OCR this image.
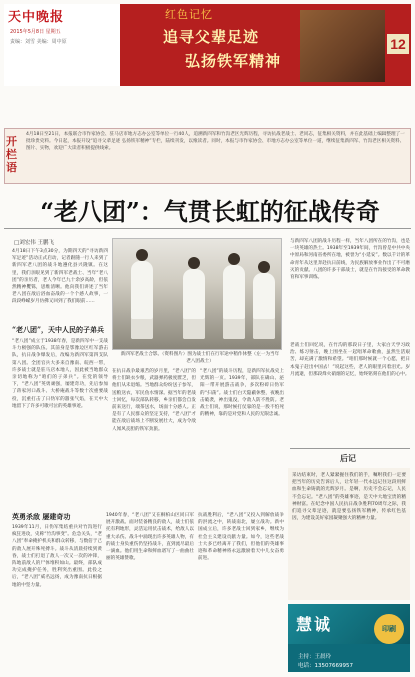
天中晚报
2015年5月8日 星期五
责编：刘雪 美编：周中原
红色记忆
追寻父辈足迹
弘扬铁军精神
12
开栏语
4月18日至21日，本报联合市作家协会、驻马店市地方志办公室等单位一行40人，追溯新四军和竹沟老区光辉历程，寻访抗战老战士、老同志，征集相关资料，并在此基础上编辑整理了一批珍贵史料。今日起，本报开设“追寻父辈足迹 弘扬铁军精神”专栏，陆续刊发，以飨读者。同时，本报与市作家协会、市地方志办公室等单位一道，继续征集新四军、竹沟老区相关资料、图片、实物，欢迎广大读者积极提供线索。
“老八团”：气贯长虹的征战传奇
□刘宏伟 王鹏飞
4月18日下午3点30分，为期四天的“寻访新四军足迹”活动正式启动，记者跟随一行人来到了新四军老八团的战斗地遵化县兴隆镇。在这里，我们亲眼见到了新四军老战士、当年“老八团”的亲历者，老人今年已九十余岁高龄，但依然精神矍铄，思维清晰。他向我们讲述了当年老八团在敌后浴血奋战的一个个感人故事，一段段峥嵘岁月仿佛又回到了我们眼前……
“老八团”，天中人民的子弟兵
“老八团”成立于1938年春，是新四军中一支战斗力极强的队伍。其前身是鄂豫边区红军游击队，抗日战争爆发后，改编为新四军第四支队第八团。全团官兵大多来自豫南、皖西一带，许多战士就是驻马店本地人，因此被当地群众亲切地称为“咱们的子弟兵”。在党的领导下，“老八团”英勇顽强，屡建奇功，先后参加了蒋家河口战斗、大桥庵战斗等数十次重要战役，沉重打击了日伪军的嚣张气焰，在天中大地留下了许多可歌可泣的英雄事迹。
新四军老战士合影。（资料图片）图为战士们在行军途中稍作休整（左一为当年老八团战士）
在抗日战争最艰苦的岁月里，“老八团”的将士们缺衣少粮，武器弹药极度匮乏，但他们从未退缩。当地群众纷纷送子参军，送粮送衣，军民鱼水情深。据当年的老战士回忆，每次部队转移，乡亲们都会自发前来送行，端茶送水，场面十分感人。正是有了人民群众的坚定支持，“老八团”才能在敌后战场上不断发展壮大，成为令敌人闻风丧胆的铁军劲旅。
“老八团”的战斗历程，是新四军抗战史上光辉的一页。1939年，部队在确山、泌阳一带开展游击战争，多次粉碎日伪军的“扫荡”。战士们白天隐蔽休整，夜晚出击破袭，神出鬼没，令敌人防不胜防。老战士们说，那时候打仗靠的是一股不怕死的精神，靠的是对党和人民的无限忠诚。
与新四军八团的战斗历程一样，当年八团所在的竹沟，也是一块英雄的热土。1938年至1939年间，竹沟曾是中共中央中原局和河南省委所在地，被誉为“小延安”。数以千计的革命青年从这里奔赴抗日前线，为民族解放事业作出了不可磨灭的贡献。八团的许多干部战士，就是在竹沟接受的革命教育和军事训练。
老战士们回忆说，在竹沟的那段日子里，大家白天学习政治、练习射击，晚上围坐在一起唱革命歌曲，虽然生活艰苦，却充满了激情和希望。“咱们那时候就一个心愿，把日本鬼子赶出中国去！”说起这些，老人的眼里闪着泪光。岁月流逝，但那段烽火硝烟的记忆，始终铭刻在他们的心中。
英勇杀敌 屡建奇功
1939年11月，日伪军集结重兵对竹沟进行疯狂进攻，史称“竹沟事变”。危急关头，“老八团”奉命掩护机关和群众转移，与数倍于己的敌人展开殊死搏斗。战斗从清晨持续到黄昏，战士们打退了敌人一次又一次的冲锋，阵地前敌人的尸体堆积如山。最终，部队成功完成掩护任务，胜利突出重围。此役之后，“老八团”威名远扬，成为豫南抗日根据地的中坚力量。
1940年春，“老八团”又在桐柏山区同日军展开激战。面对装备精良的敌人，战士们依托有利地形，灵活运用伏击战术，给敌人以重大杀伤。战斗中涌现出许多英雄人物，有的战士身负重伤仍坚持战斗，直到流尽最后一滴血。他们用生命和鲜血谱写了一曲曲壮丽的英雄赞歌。
抗战胜利后，“老八团”又投入到解放战争的洪流之中，转战南北，屡立战功。新中国成立后，许多老战士回到家乡，继续为社会主义建设贡献力量。如今，这些老战士大多已经离开了我们，但他们的英雄事迹和革命精神将永远激励着天中儿女奋勇前进。
后记
采访结束时，老人紧紧握住我们的手，嘱咐我们一定要把当年的历史告诉后人，让年轻一代永远记住这段用鲜血和生命铸就的光辉岁月。是啊，历史不会忘记，人民不会忘记。“老八团”的英雄事迹，是天中大地宝贵的精神财富。在纪念中国人民抗日战争胜利70周年之际，我们追寻父辈足迹，就是要弘扬铁军精神，传承红色基因，为建设美好家园凝聚强大的精神力量。
慧诚	印刷
主持：王晨玲
电话：13507669957
